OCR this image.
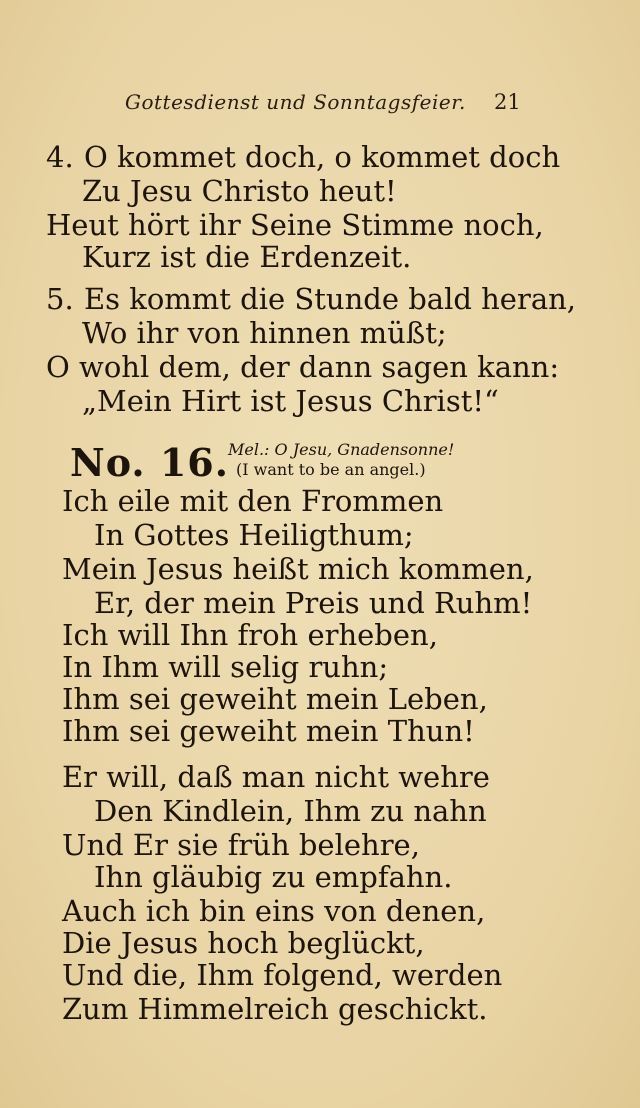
Gottesdienst und Sonntagsfeier. 21
4. O kommet doch, o kommet doch
Zu Jesu Christo heut!
Heut hört ihr Seine Stimme noch,
Kurz ist die Erdenzeit.
5. Es kommt die Stunde bald heran,
Wo ihr von hinnen müßt;
O wohl dem, der dann sagen kann:
„Mein Hirt ist Jesus Christ!“
No. 16. Mel.: O Jesu, Gnadensonne!
(I want to be an angel.)
Ich eile mit den Frommen
In Gottes Heiligthum;
Mein Jesus heißt mich kommen,
Er, der mein Preis und Ruhm!
Ich will Ihn froh erheben,
In Ihm will selig ruhn;
Ihm sei geweiht mein Leben,
Ihm sei geweiht mein Thun!
Er will, daß man nicht wehre
Den Kindlein, Ihm zu nahn
Und Er sie früh belehre,
Ihn gläubig zu empfahn.
Auch ich bin eins von denen,
Die Jesus hoch beglückt,
Und die, Ihm folgend, werden
Zum Himmelreich geschickt.
